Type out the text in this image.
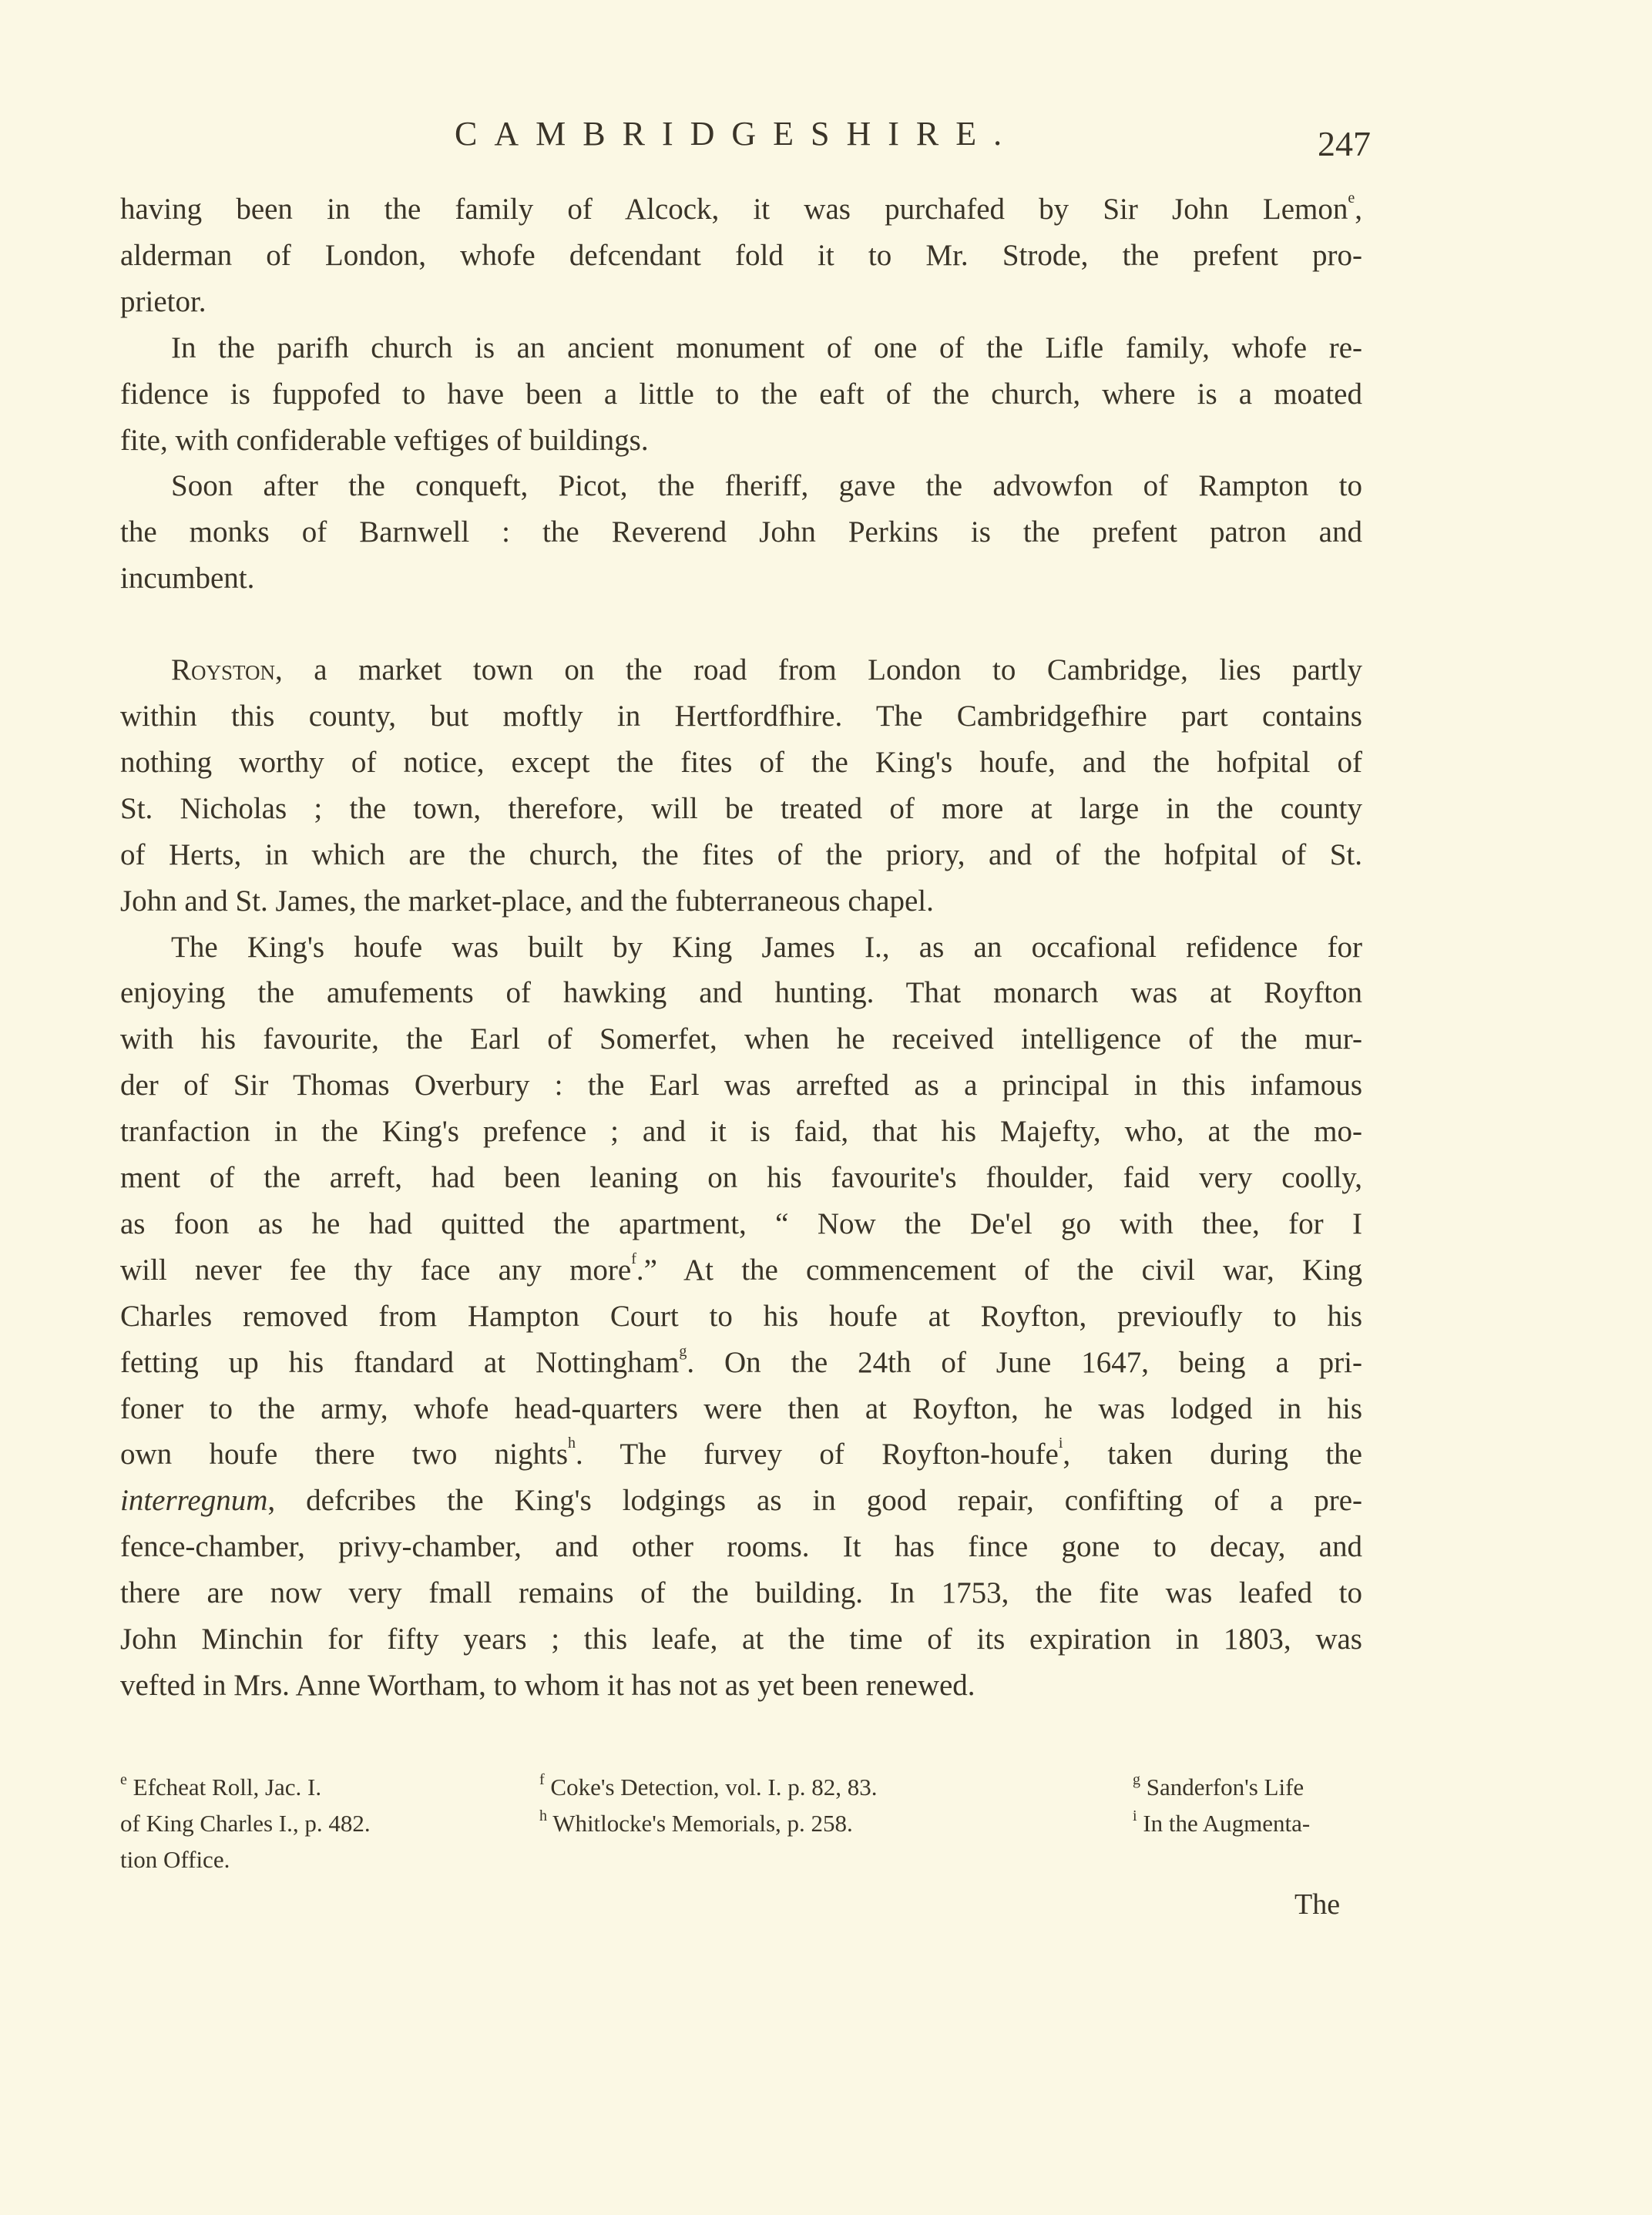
CAMBRIDGESHIRE.	247
having been in the family of Alcock, it was purchafed by Sir John Lemon$^e$,
alderman of London, whofe defcendant fold it to Mr. Strode, the prefent pro-
prietor.
In the parifh church is an ancient monument of one of the Lifle family, whofe re-
fidence is fuppofed to have been a little to the eaft of the church, where is a moated
fite, with confiderable veftiges of buildings.
Soon after the conqueft, Picot, the fheriff, gave the advowfon of Rampton to
the monks of Barnwell : the Reverend John Perkins is the prefent patron and
incumbent.
Royston, a market town on the road from London to Cambridge, lies partly
within this county, but moftly in Hertfordfhire. The Cambridgefhire part contains
nothing worthy of notice, except the fites of the King's houfe, and the hofpital of
St. Nicholas ; the town, therefore, will be treated of more at large in the county
of Herts, in which are the church, the fites of the priory, and of the hofpital of St.
John and St. James, the market-place, and the fubterraneous chapel.
The King's houfe was built by King James I., as an occafional refidence for
enjoying the amufements of hawking and hunting. That monarch was at Royfton
with his favourite, the Earl of Somerfet, when he received intelligence of the mur-
der of Sir Thomas Overbury : the Earl was arrefted as a principal in this infamous
tranfaction in the King's prefence ; and it is faid, that his Majefty, who, at the mo-
ment of the arreft, had been leaning on his favourite's fhoulder, faid very coolly,
as foon as he had quitted the apartment, “ Now the De'el go with thee, for I
will never fee thy face any more$^f$.” At the commencement of the civil war, King
Charles removed from Hampton Court to his houfe at Royfton, previoufly to his
fetting up his ftandard at Nottingham$^g$. On the 24th of June 1647, being a pri-
foner to the army, whofe head-quarters were then at Royfton, he was lodged in his
own houfe there two nights$^h$. The furvey of Royfton-houfe$^i$, taken during the
interregnum, defcribes the King's lodgings as in good repair, confifting of a pre-
fence-chamber, privy-chamber, and other rooms. It has fince gone to decay, and
there are now very fmall remains of the building. In 1753, the fite was leafed to
John Minchin for fifty years ; this leafe, at the time of its expiration in 1803, was
vefted in Mrs. Anne Wortham, to whom it has not as yet been renewed.
$^e$ Efcheat Roll, Jac. I.
of King Charles I., p. 482.
tion Office.
$^f$ Coke's Detection, vol. I. p. 82, 83.
$^h$ Whitlocke's Memorials, p. 258.
$^g$ Sanderfon's Life
$^i$ In the Augmenta-
The
